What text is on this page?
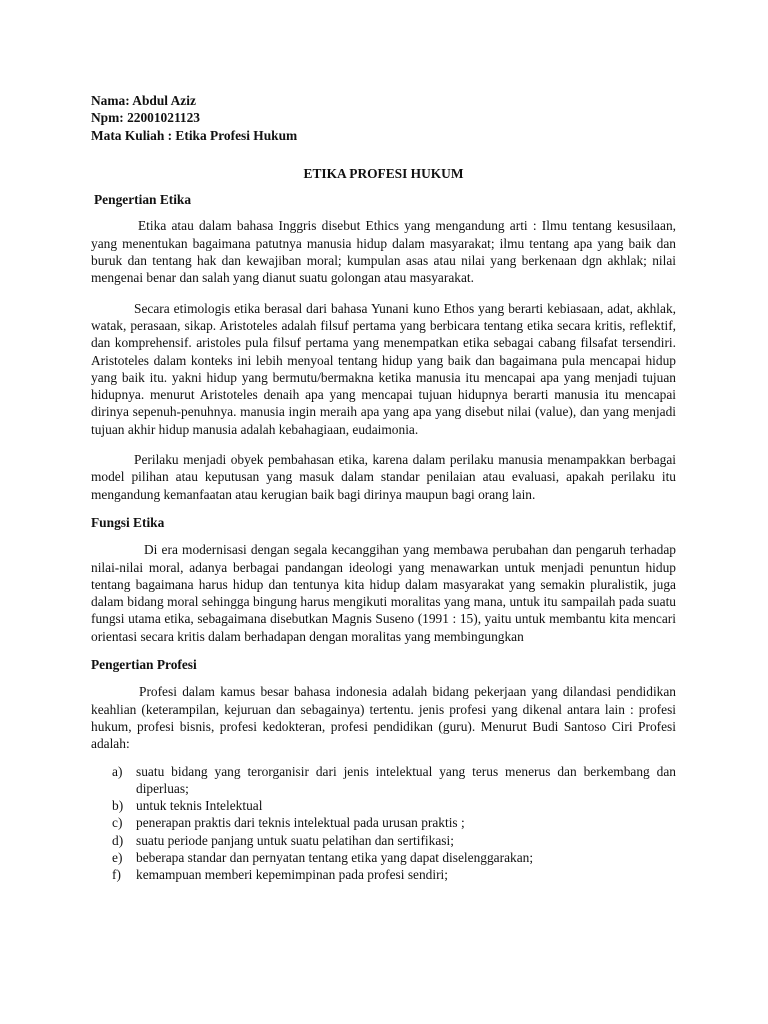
Nama: Abdul Aziz

Npm: 22001021123

Mata Kuliah : Etika Profesi Hukum

ETIKA PROFESI HUKUM

Pengertian Etika

Etika atau dalam bahasa Inggris disebut Ethics yang mengandung arti : Ilmu tentang kesusilaan, yang menentukan bagaimana patutnya manusia hidup dalam masyarakat; ilmu tentang apa yang baik dan buruk dan tentang hak dan kewajiban moral; kumpulan asas atau nilai yang berkenaan dgn akhlak; nilai mengenai benar dan salah yang dianut suatu golongan atau masyarakat.

Secara etimologis etika berasal dari bahasa Yunani kuno Ethos yang berarti kebiasaan, adat, akhlak, watak, perasaan, sikap. Aristoteles adalah filsuf pertama yang berbicara tentang etika secara kritis, reflektif, dan komprehensif. aristoles pula filsuf pertama yang menempatkan etika sebagai cabang filsafat tersendiri. Aristoteles dalam konteks ini lebih menyoal tentang hidup yang baik dan bagaimana pula mencapai hidup yang baik itu. yakni hidup yang bermutu/bermakna ketika manusia itu mencapai apa yang menjadi tujuan hidupnya. menurut Aristoteles denaih apa yang mencapai tujuan hidupnya berarti manusia itu mencapai dirinya sepenuh-penuhnya. manusia ingin meraih apa yang apa yang disebut nilai (value), dan yang menjadi tujuan akhir hidup manusia adalah kebahagiaan, eudaimonia.

Perilaku menjadi obyek pembahasan etika, karena dalam perilaku manusia menampakkan berbagai model pilihan atau keputusan yang masuk dalam standar penilaian atau evaluasi, apakah perilaku itu mengandung kemanfaatan atau kerugian baik bagi dirinya maupun bagi orang lain.

Fungsi Etika

Di era modernisasi dengan segala kecanggihan yang membawa perubahan dan pengaruh terhadap nilai-nilai moral, adanya berbagai pandangan ideologi yang menawarkan untuk menjadi penuntun hidup tentang bagaimana harus hidup dan tentunya kita hidup dalam masyarakat yang semakin pluralistik, juga dalam bidang moral sehingga bingung harus mengikuti moralitas yang mana, untuk itu sampailah pada suatu fungsi utama etika, sebagaimana disebutkan Magnis Suseno (1991 : 15), yaitu untuk membantu kita mencari orientasi secara kritis dalam berhadapan dengan moralitas yang membingungkan

Pengertian Profesi

Profesi dalam kamus besar bahasa indonesia adalah bidang pekerjaan yang dilandasi pendidikan keahlian (keterampilan, kejuruan dan sebagainya) tertentu. jenis profesi yang dikenal antara lain : profesi hukum, profesi bisnis, profesi kedokteran, profesi pendidikan (guru). Menurut Budi Santoso Ciri Profesi adalah:

a) suatu bidang yang terorganisir dari jenis intelektual yang terus menerus dan berkembang dan diperluas;
b) untuk teknis Intelektual
c) penerapan praktis dari teknis intelektual pada urusan praktis ;
d) suatu periode panjang untuk suatu pelatihan dan sertifikasi;
e) beberapa standar dan pernyatan tentang etika yang dapat diselenggarakan;
f) kemampuan memberi kepemimpinan pada profesi sendiri;
